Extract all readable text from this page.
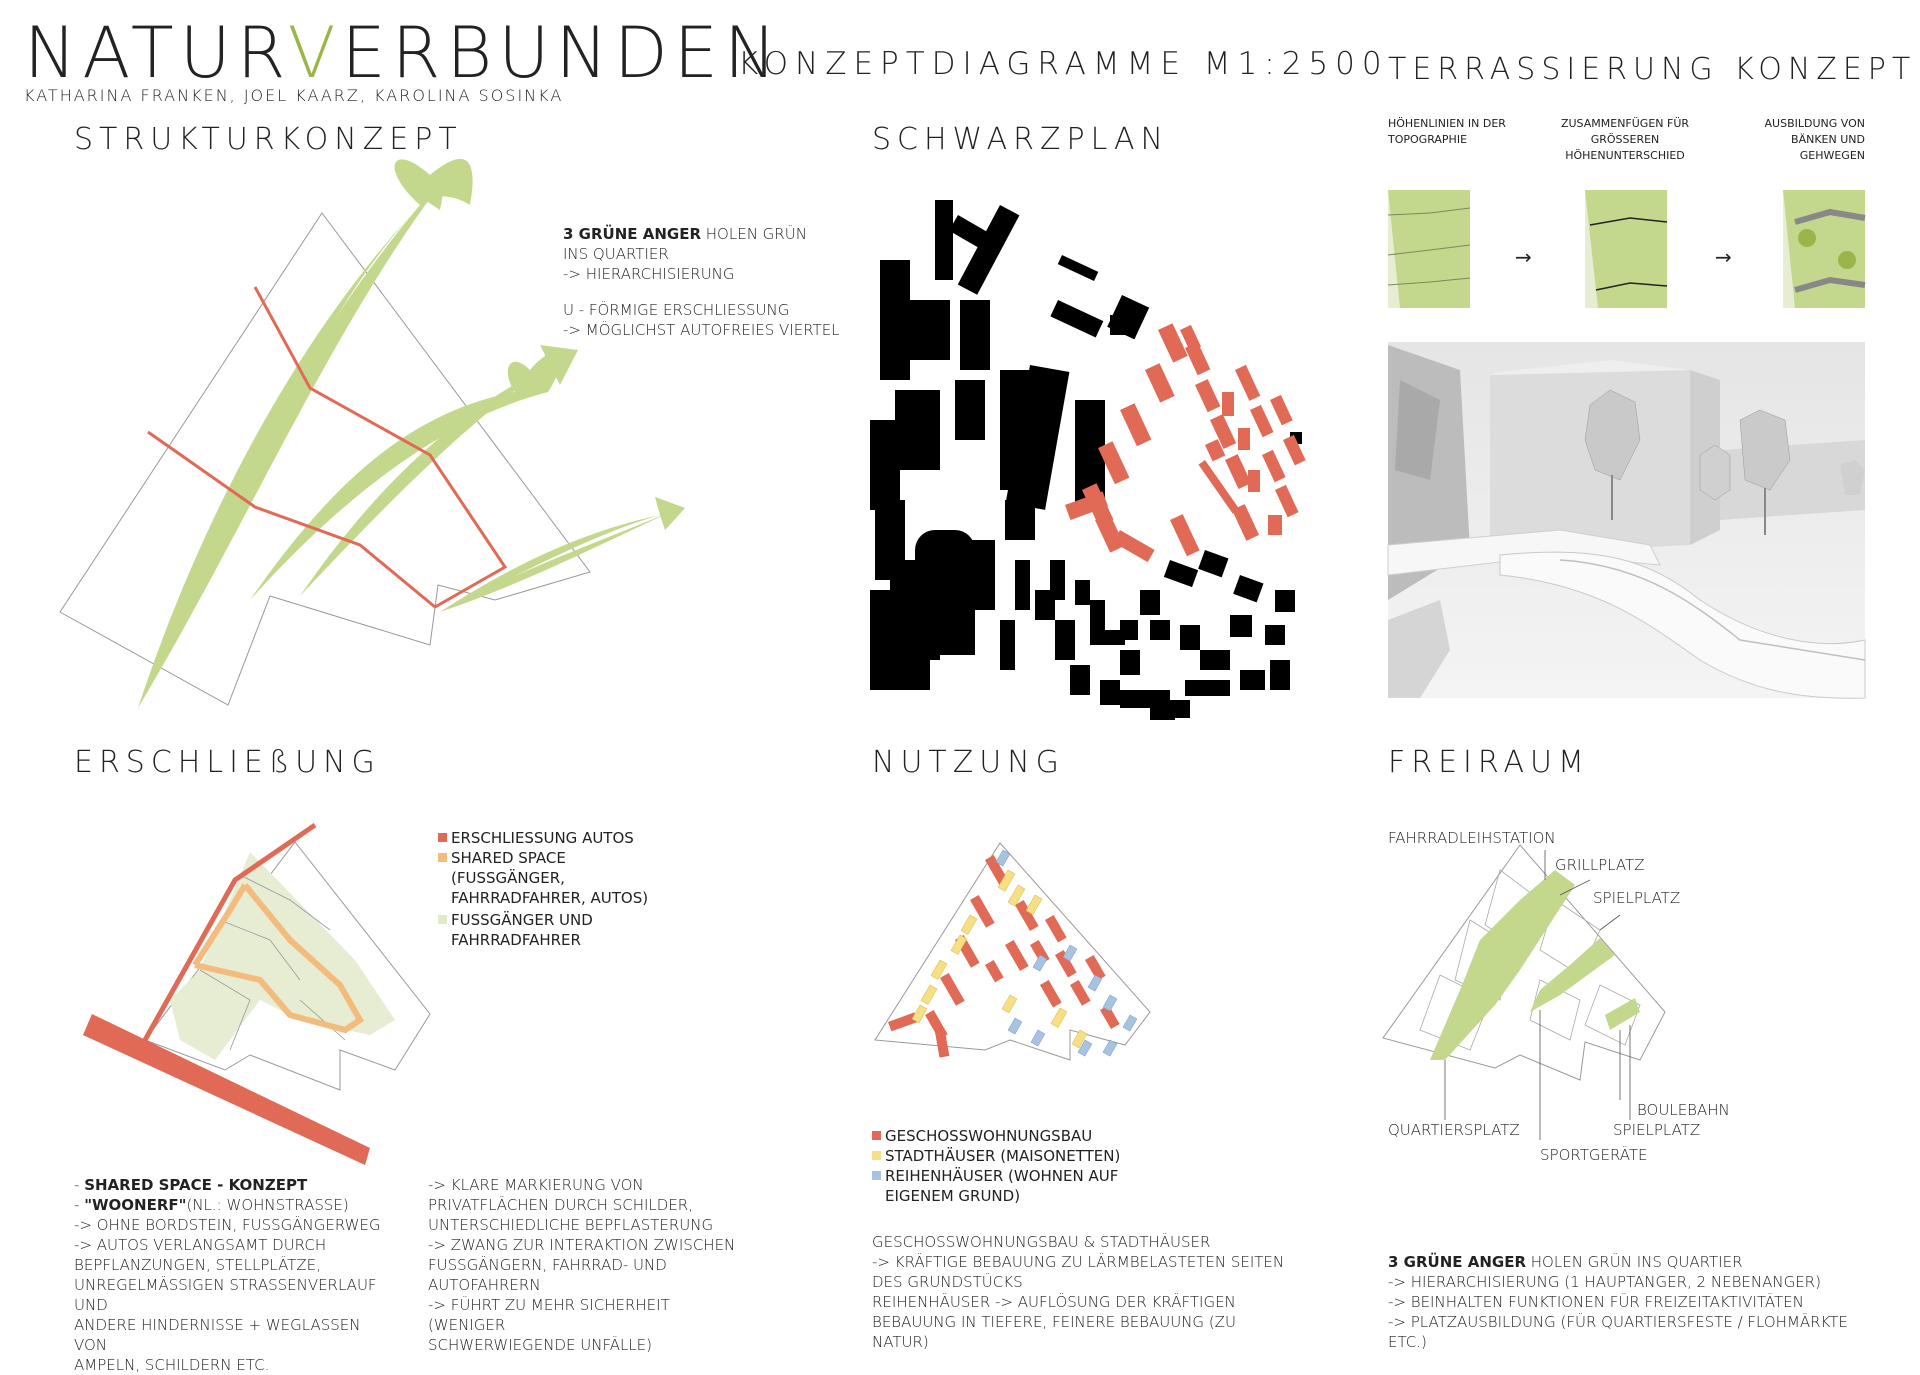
NATURVERBUNDEN
KONZEPTDIAGRAMME M1:2500
KATHARINA FRANKEN, JOEL KAARZ, KAROLINA SOSINKA
STRUKTURKONZEPT
3 GRÜNE ANGER HOLEN GRÜN
INS QUARTIER
-> HIERARCHISIERUNG
U - FÖRMIGE ERSCHLIESSUNG
-> MÖGLICHST AUTOFREIES VIERTEL
SCHWARZPLAN
TERRASSIERUNG KONZEPT
HÖHENLINIEN IN DER TOPOGRAPHIE
ZUSAMMENFÜGEN FÜR GRÖSSEREN HÖHENUNTERSCHIED
AUSBILDUNG VON BÄNKEN UND GEHWEGEN
→	→
ERSCHLIEßUNG
ERSCHLIESSUNG AUTOS
SHARED SPACE (FUSSGÄNGER, FAHRRADFAHRER, AUTOS)
FUSSGÄNGER UND FAHRRADFAHRER
- SHARED SPACE - KONZEPT
- "WOONERF"(NL.: WOHNSTRASSE)
-> OHNE BORDSTEIN, FUSSGÄNGERWEG
-> AUTOS VERLANGSAMT DURCH
BEPFLANZUNGEN, STELLPLÄTZE,
UNREGELMÄSSIGEN STRASSENVERLAUF UND
ANDERE HINDERNISSE + WEGLASSEN VON
AMPELN, SCHILDERN ETC.
-> KLARE MARKIERUNG VON
PRIVATFLÄCHEN DURCH SCHILDER,
UNTERSCHIEDLICHE BEPFLASTERUNG
-> ZWANG ZUR INTERAKTION ZWISCHEN
FUSSGÄNGERN, FAHRRAD- UND
AUTOFAHRERN
-> FÜHRT ZU MEHR SICHERHEIT (WENIGER
SCHWERWIEGENDE UNFÄLLE)
NUTZUNG
GESCHOSSWOHNUNGSBAU
STADTHÄUSER (MAISONETTEN)
REIHENHÄUSER (WOHNEN AUF EIGENEM GRUND)
GESCHOSSWOHNUNGSBAU & STADTHÄUSER
-> KRÄFTIGE BEBAUUNG ZU LÄRMBELASTETEN SEITEN
DES GRUNDSTÜCKS
REIHENHÄUSER -> AUFLÖSUNG DER KRÄFTIGEN
BEBAUUNG IN TIEFERE, FEINERE BEBAUUNG (ZU NATUR)
FREIRAUM
FAHRRADLEIHSTATION
GRILLPLATZ
SPIELPLATZ
BOULEBAHN
SPIELPLATZ
QUARTIERSPLATZ
SPORTGERÄTE
3 GRÜNE ANGER HOLEN GRÜN INS QUARTIER
-> HIERARCHISIERUNG (1 HAUPTANGER, 2 NEBENANGER)
-> BEINHALTEN FUNKTIONEN FÜR FREIZEITAKTIVITÄTEN
-> PLATZAUSBILDUNG (FÜR QUARTIERSFESTE / FLOHMÄRKTE ETC.)
